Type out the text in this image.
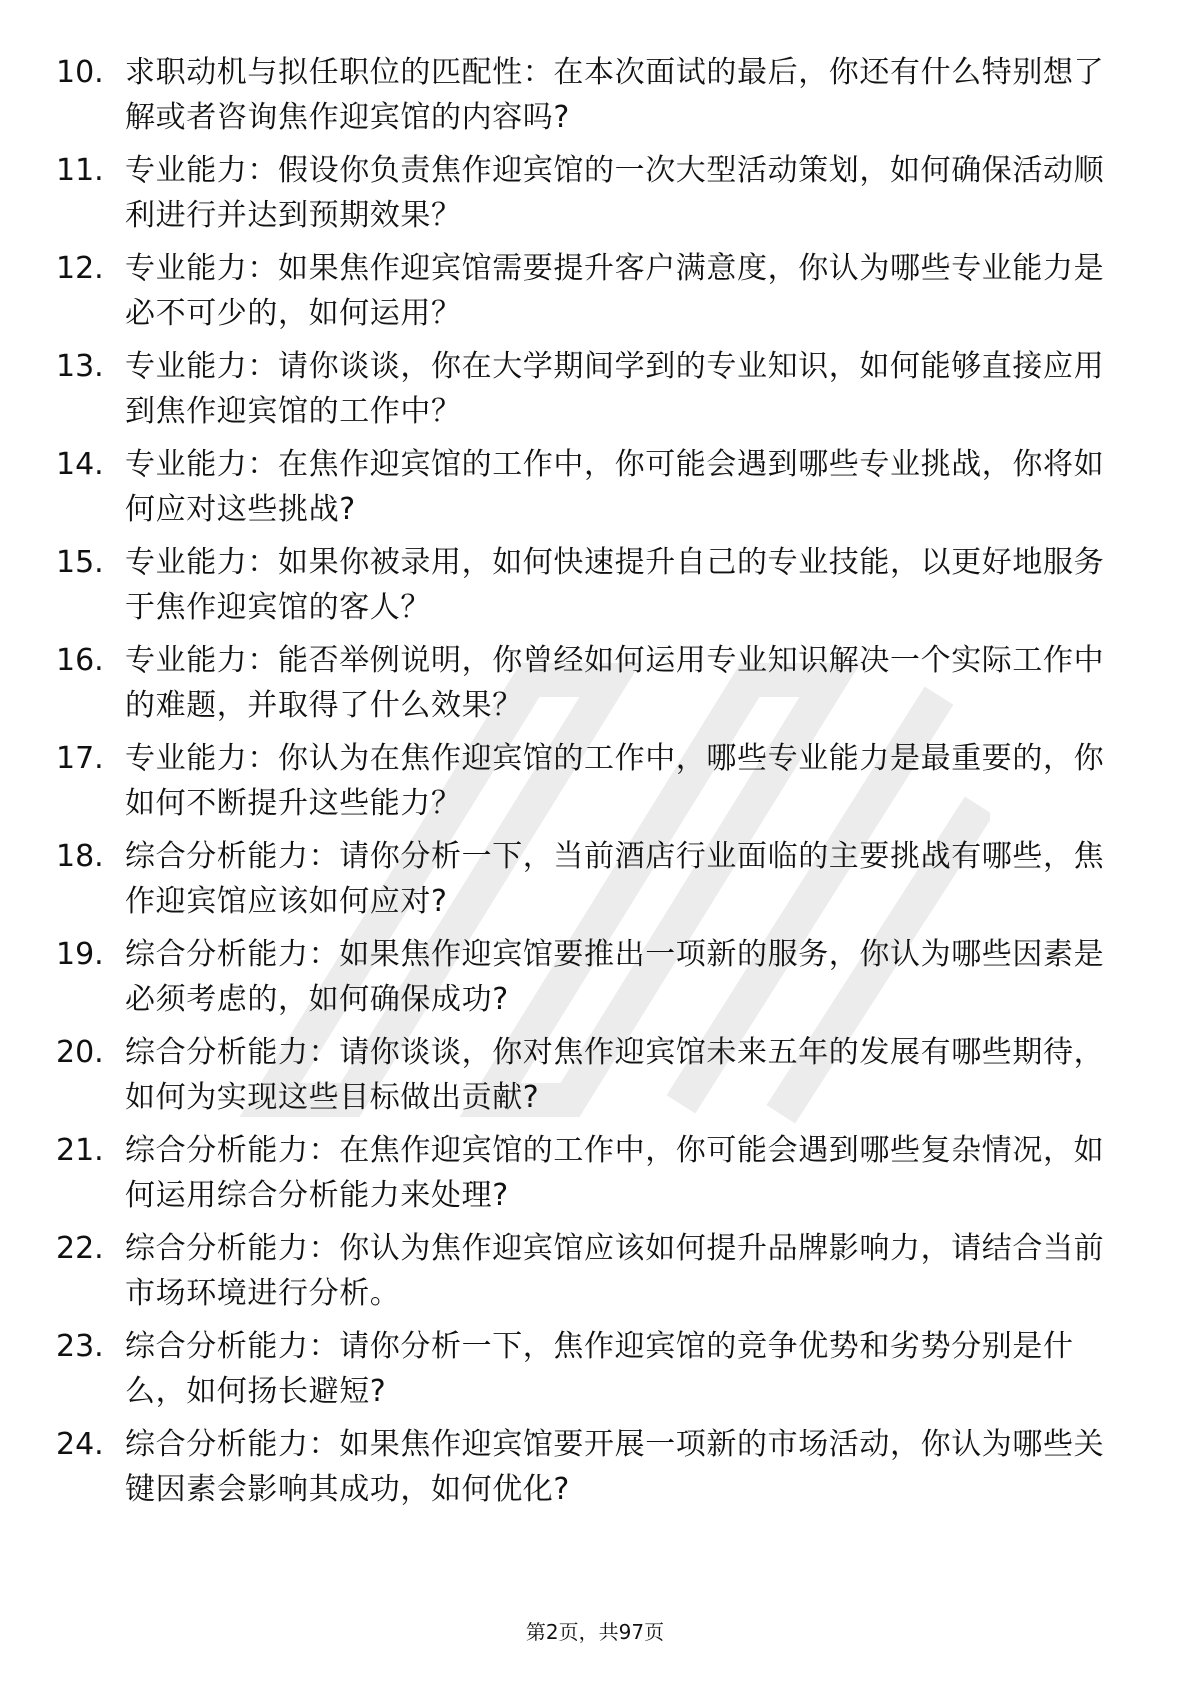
10. 求职动机与拟任职位的匹配性：在本次面试的最后，你还有什么特别想了解或者咨询焦作迎宾馆的内容吗?
11. 专业能力：假设你负责焦作迎宾馆的一次大型活动策划，如何确保活动顺利进行并达到预期效果？
12. 专业能力：如果焦作迎宾馆需要提升客户满意度，你认为哪些专业能力是必不可少的，如何运用？
13. 专业能力：请你谈谈，你在大学期间学到的专业知识，如何能够直接应用到焦作迎宾馆的工作中？
14. 专业能力：在焦作迎宾馆的工作中，你可能会遇到哪些专业挑战，你将如何应对这些挑战?
15. 专业能力：如果你被录用，如何快速提升自己的专业技能，以更好地服务于焦作迎宾馆的客人？
16. 专业能力：能否举例说明，你曾经如何运用专业知识解决一个实际工作中的难题，并取得了什么效果？
17. 专业能力：你认为在焦作迎宾馆的工作中，哪些专业能力是最重要的，你如何不断提升这些能力？
18. 综合分析能力：请你分析一下，当前酒店行业面临的主要挑战有哪些，焦作迎宾馆应该如何应对?
19. 综合分析能力：如果焦作迎宾馆要推出一项新的服务，你认为哪些因素是必须考虑的，如何确保成功?
20. 综合分析能力：请你谈谈，你对焦作迎宾馆未来五年的发展有哪些期待，如何为实现这些目标做出贡献?
21. 综合分析能力：在焦作迎宾馆的工作中，你可能会遇到哪些复杂情况，如何运用综合分析能力来处理?
22. 综合分析能力：你认为焦作迎宾馆应该如何提升品牌影响力，请结合当前市场环境进行分析。
23. 综合分析能力：请你分析一下，焦作迎宾馆的竞争优势和劣势分别是什么，如何扬长避短?
24. 综合分析能力：如果焦作迎宾馆要开展一项新的市场活动，你认为哪些关键因素会影响其成功，如何优化?
第2页，共97页
